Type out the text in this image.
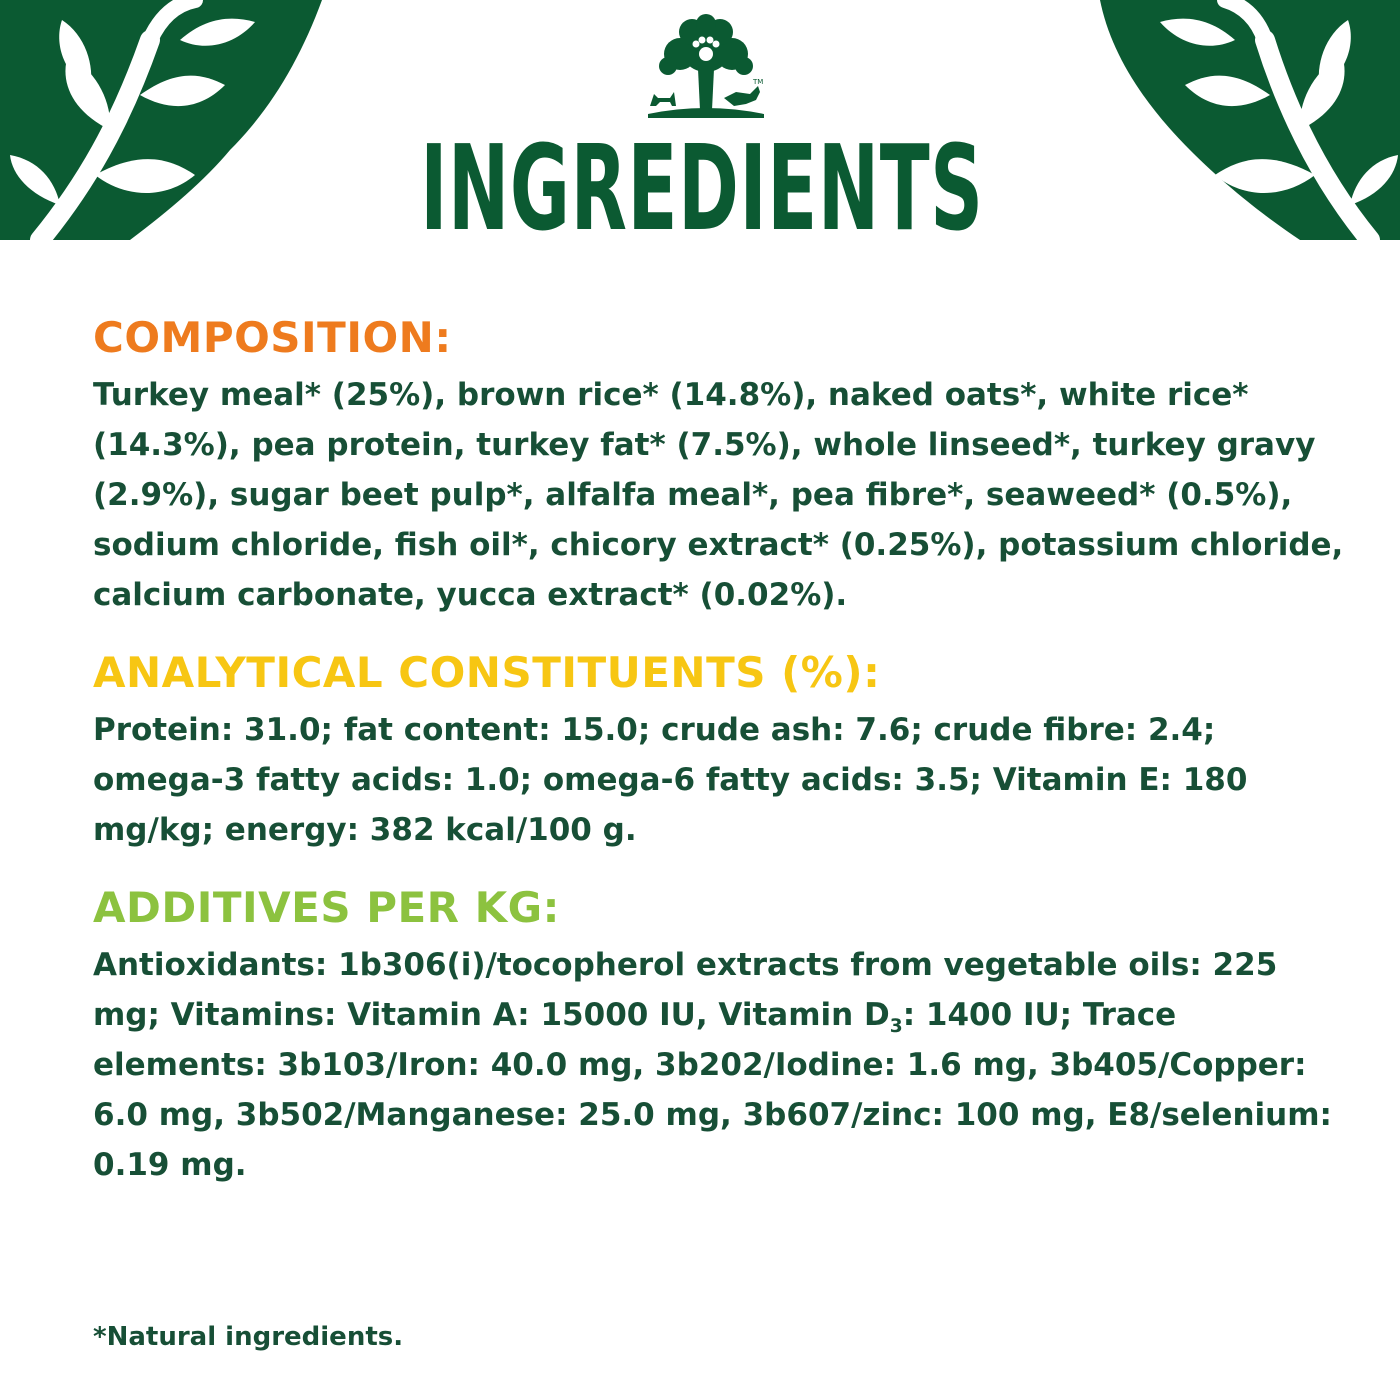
TM
INGREDIENTS
COMPOSITION:

Turkey meal* (25%), brown rice* (14.8%), naked oats*, white rice* (14.3%), pea protein, turkey fat* (7.5%), whole linseed*, turkey gravy (2.9%), sugar beet pulp*, alfalfa meal*, pea fibre*, seaweed* (0.5%), sodium chloride, fish oil*, chicory extract* (0.25%), potassium chloride, calcium carbonate, yucca extract* (0.02%).

ANALYTICAL CONSTITUENTS (%):

Protein: 31.0; fat content: 15.0; crude ash: 7.6; crude fibre: 2.4; omega-3 fatty acids: 1.0; omega-6 fatty acids: 3.5; Vitamin E: 180 mg/kg; energy: 382 kcal/100 g.

ADDITIVES PER KG:

Antioxidants: 1b306(i)/tocopherol extracts from vegetable oils: 225 mg; Vitamins: Vitamin A: 15000 IU, Vitamin $D_3$: 1400 IU; Trace elements: 3b103/Iron: 40.0 mg, 3b202/Iodine: 1.6 mg, 3b405/Copper: 6.0 mg, 3b502/Manganese: 25.0 mg, 3b607/zinc: 100 mg, E8/selenium: 0.19 mg.

*Natural ingredients.
